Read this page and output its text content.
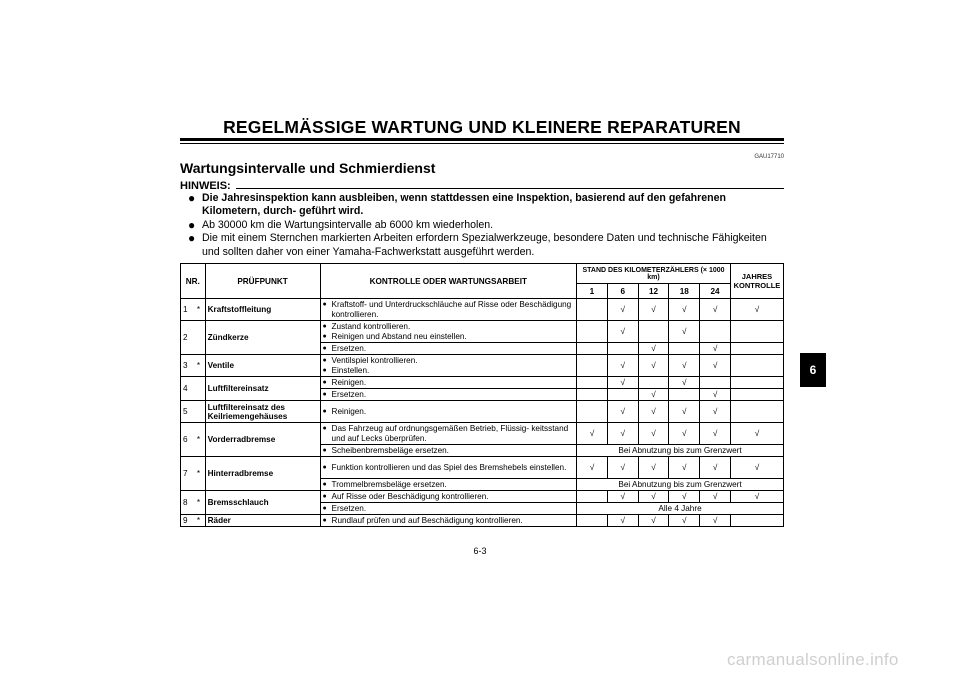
REGELMÄSSIGE WARTUNG UND KLEINERE REPARATUREN
GAU17710
Wartungsintervalle und Schmierdienst
HINWEIS:
● Die Jahresinspektion kann ausbleiben, wenn stattdessen eine Inspektion, basierend auf den gefahrenen Kilometern, durch- geführt wird.
● Ab 30000 km die Wartungsintervalle ab 6000 km wiederholen.
● Die mit einem Sternchen markierten Arbeiten erfordern Spezialwerkzeuge, besondere Daten und technische Fähigkeiten und sollten daher von einer Yamaha-Fachwerkstatt ausgeführt werden.
NR.		PRÜFPUNKT	KONTROLLE ODER WARTUNGSARBEIT	STAND DES KILOMETERZÄHLERS (× 1000 km)					JAHRES KONTROLLE
				1	6	12	18	24	
1	*	Kraftstoffleitung	● Kraftstoff- und Unterdruckschläuche auf Risse oder Beschädigung kontrollieren.		√	√	√	√	√
2		Zündkerze	● Zustand kontrollieren.
● Reinigen und Abstand neu einstellen.		√		√		

			● Ersetzen.			√		√	
3	*	Ventile	● Ventilspiel kontrollieren.
● Einstellen.		√	√	√	√	
4		Luftfiltereinsatz	● Reinigen.		√		√		

			● Ersetzen.			√		√	
5		Luftfiltereinsatz des Keilriemengehäuses	● Reinigen.		√	√	√	√	
6	*	Vorderradbremse	● Das Fahrzeug auf ordnungsgemäßen Betrieb, Flüssig- keitsstand und auf Lecks überprüfen.	√	√	√	√	√	√

			● Scheibenbremsbeläge ersetzen.	Bei Abnutzung bis zum Grenzwert					
7	*	Hinterradbremse	● Funktion kontrollieren und das Spiel des Bremshebels einstellen.	√	√	√	√	√	√

			● Trommelbremsbeläge ersetzen.	Bei Abnutzung bis zum Grenzwert					
8	*	Bremsschlauch	● Auf Risse oder Beschädigung kontrollieren.		√	√	√	√	√

			● Ersetzen.	Alle 4 Jahre					
9	*	Räder	● Rundlauf prüfen und auf Beschädigung kontrollieren.		√	√	√	√	
6
6-3
carmanualsonline.info
